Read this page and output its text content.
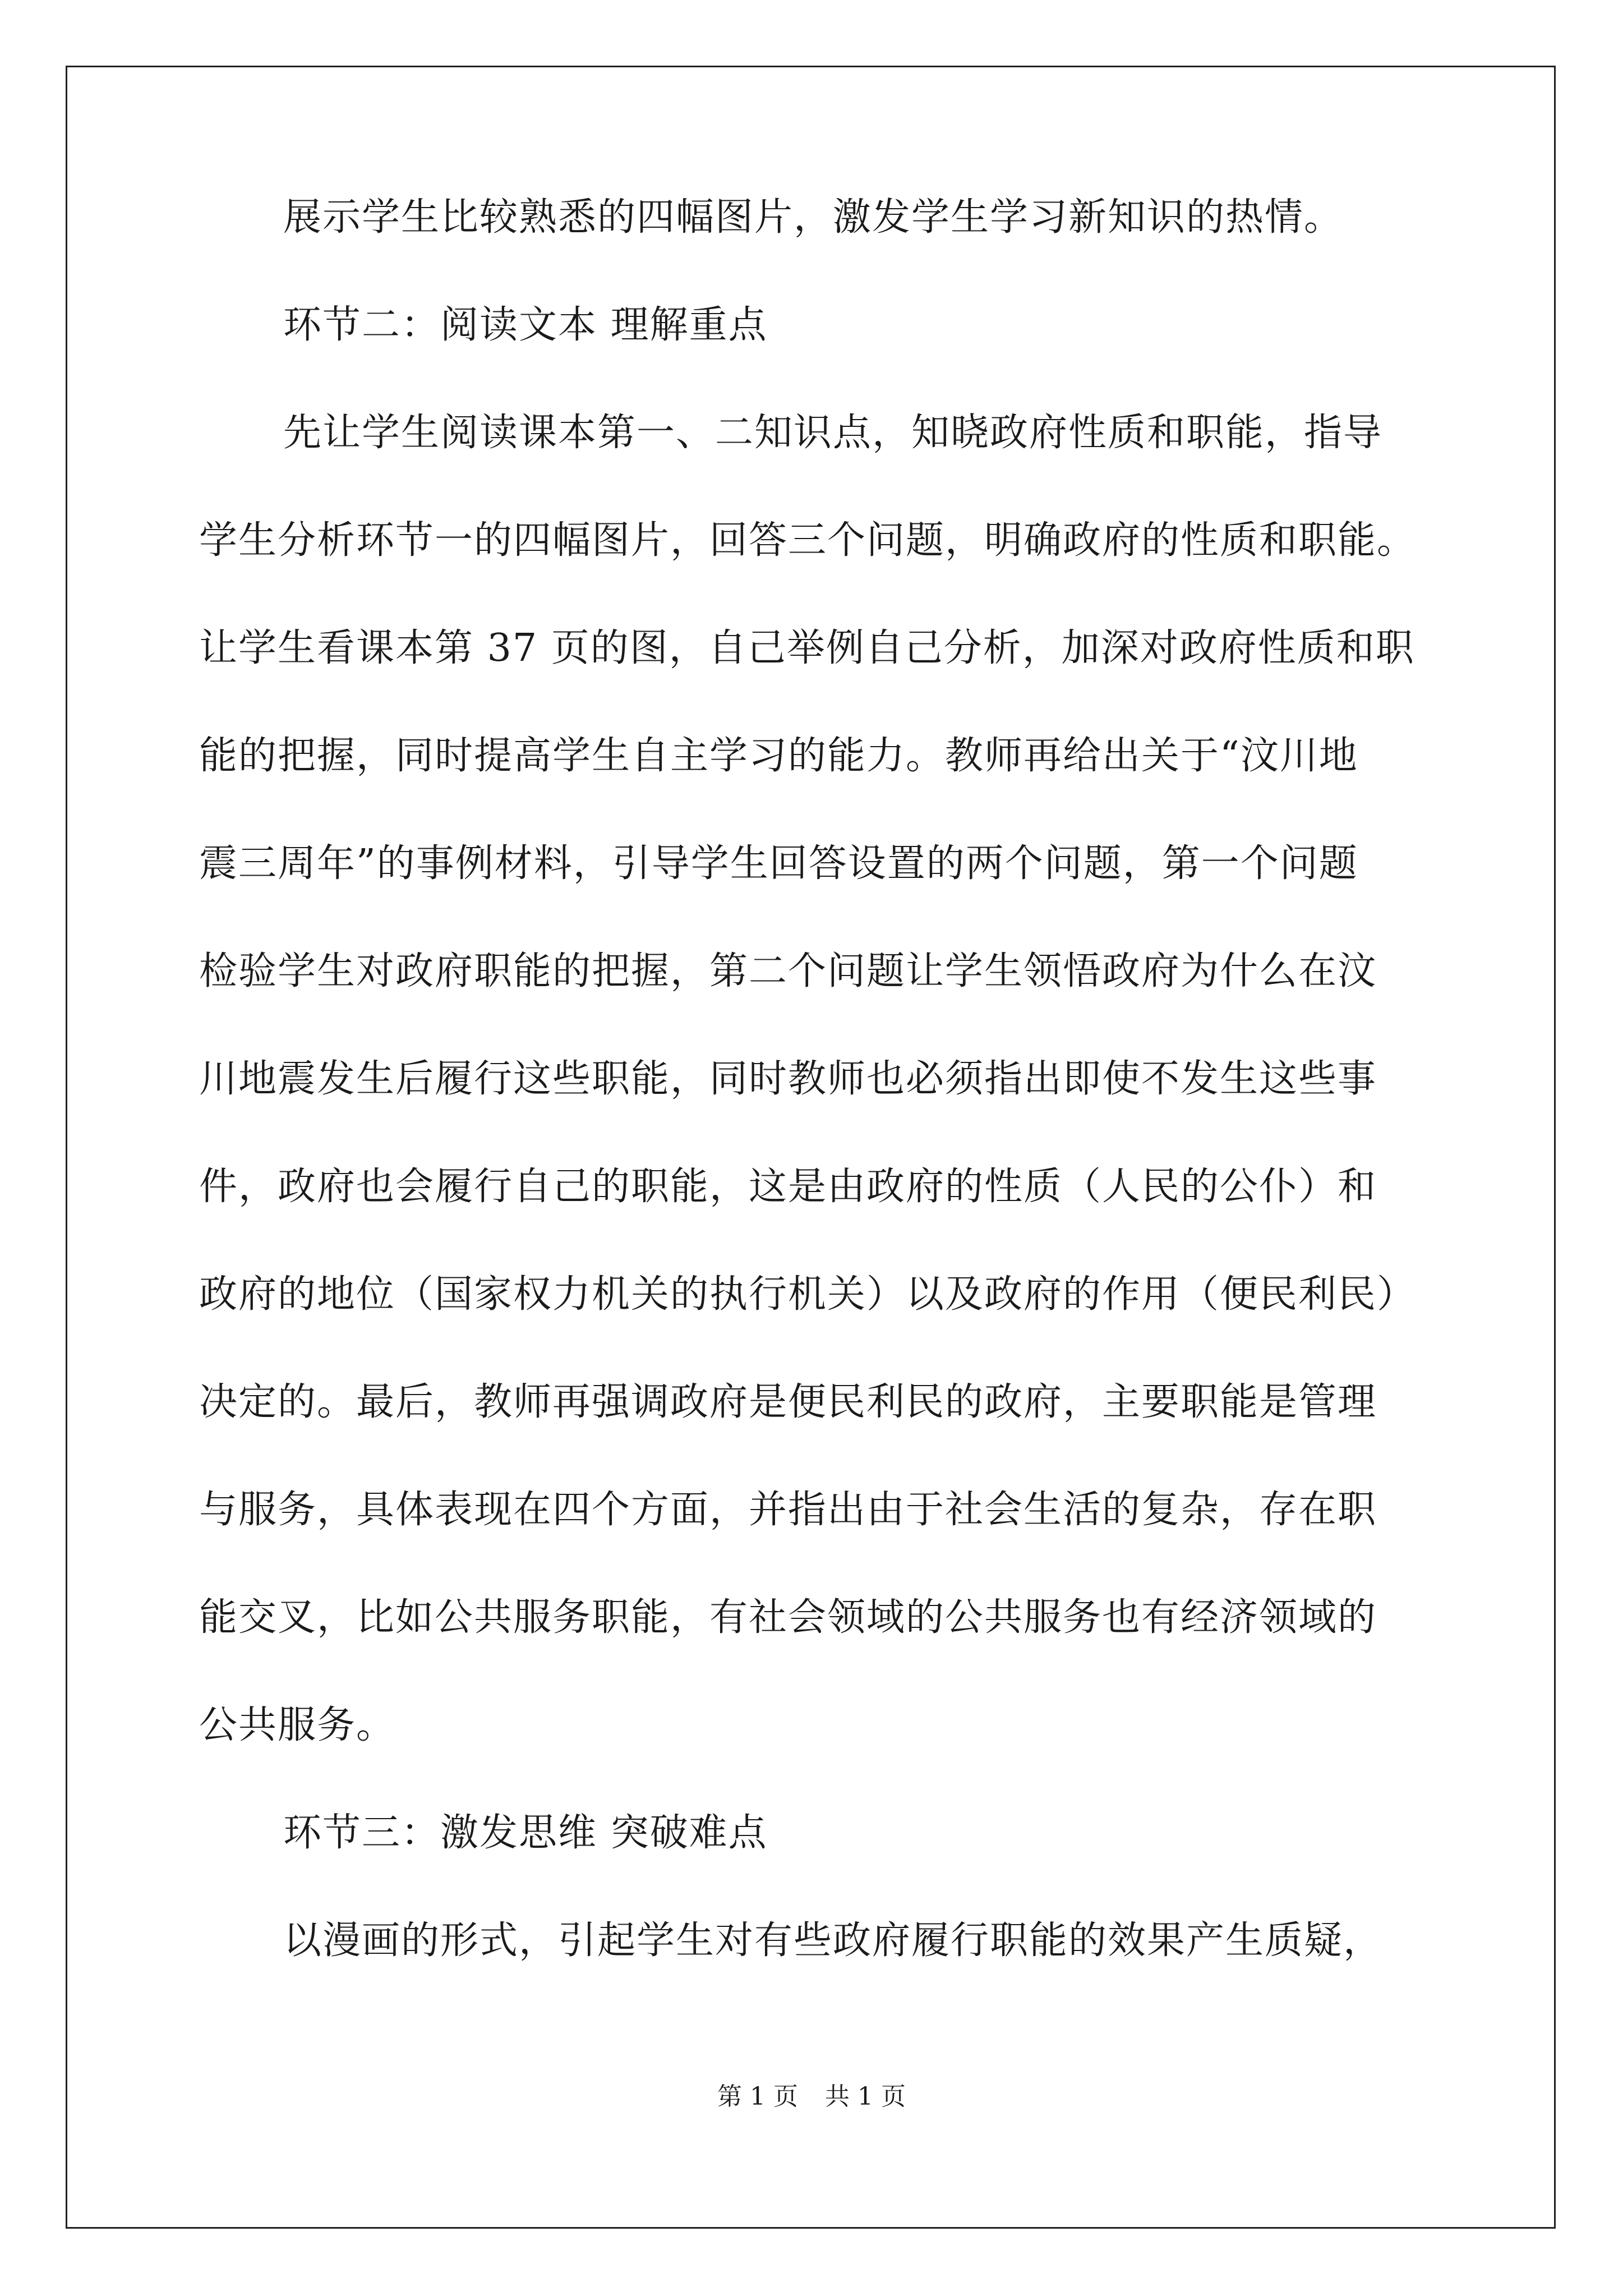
展示学生比较熟悉的四幅图片，激发学生学习新知识的热情。
环节二：阅读文本 理解重点
先让学生阅读课本第一、二知识点，知晓政府性质和职能，指导
学生分析环节一的四幅图片，回答三个问题，明确政府的性质和职能。
让学生看课本第 37 页的图，自己举例自己分析，加深对政府性质和职
能的把握，同时提高学生自主学习的能力。教师再给出关于“汶川地
震三周年”的事例材料，引导学生回答设置的两个问题，第一个问题
检验学生对政府职能的把握，第二个问题让学生领悟政府为什么在汶
川地震发生后履行这些职能，同时教师也必须指出即使不发生这些事
件，政府也会履行自己的职能，这是由政府的性质（人民的公仆）和
政府的地位（国家权力机关的执行机关）以及政府的作用（便民利民）
决定的。最后，教师再强调政府是便民利民的政府，主要职能是管理
与服务，具体表现在四个方面，并指出由于社会生活的复杂，存在职
能交叉，比如公共服务职能，有社会领域的公共服务也有经济领域的
公共服务。
环节三：激发思维 突破难点
以漫画的形式，引起学生对有些政府履行职能的效果产生质疑，
第 1 页 共 1 页
